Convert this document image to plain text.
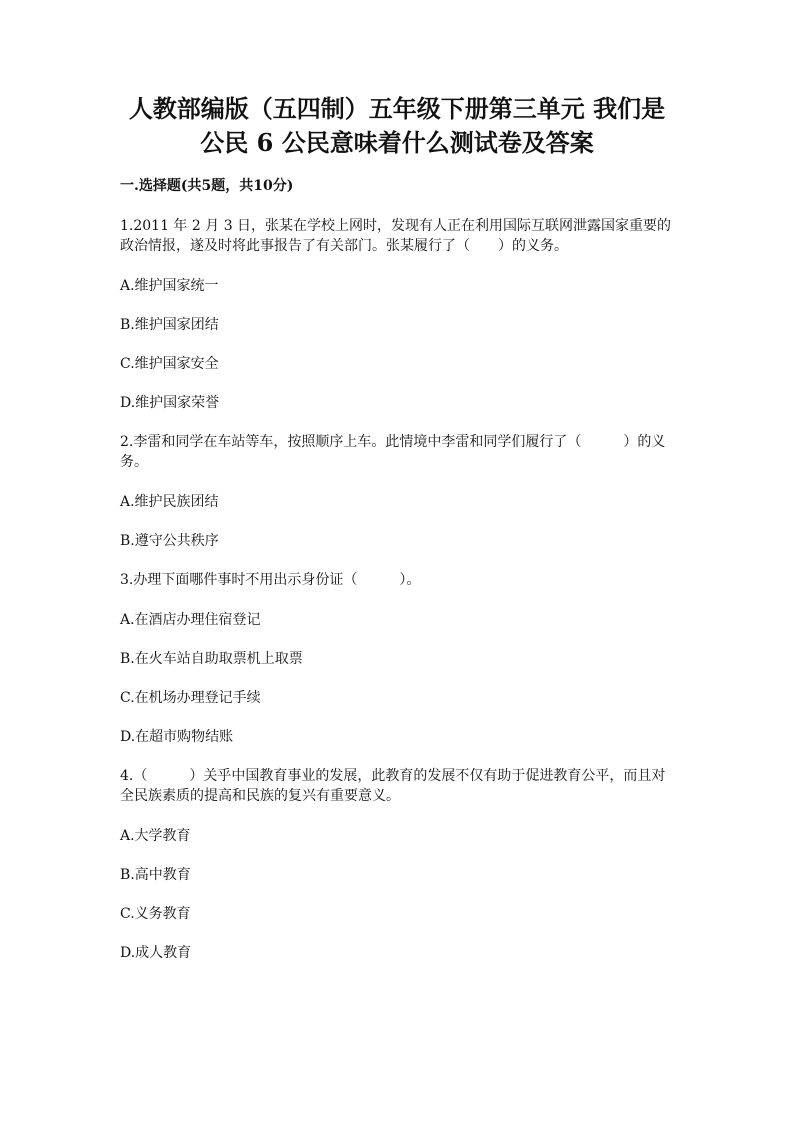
人教部编版（五四制）五年级下册第三单元 我们是
公民 6 公民意味着什么测试卷及答案
一.选择题(共5题，共10分)
1.2011 年 2 月 3 日，张某在学校上网时，发现有人正在利用国际互联网泄露国家重要的政治情报，遂及时将此事报告了有关部门。张某履行了（　　）的义务。
A.维护国家统一
B.维护国家团结
C.维护国家安全
D.维护国家荣誉
2.李雷和同学在车站等车，按照顺序上车。此情境中李雷和同学们履行了（　　　）的义务。
A.维护民族团结
B.遵守公共秩序
3.办理下面哪件事时不用出示身份证（　　　）。
A.在酒店办理住宿登记
B.在火车站自助取票机上取票
C.在机场办理登记手续
D.在超市购物结账
4.（　　　）关乎中国教育事业的发展，此教育的发展不仅有助于促进教育公平，而且对全民族素质的提高和民族的复兴有重要意义。
A.大学教育
B.高中教育
C.义务教育
D.成人教育
